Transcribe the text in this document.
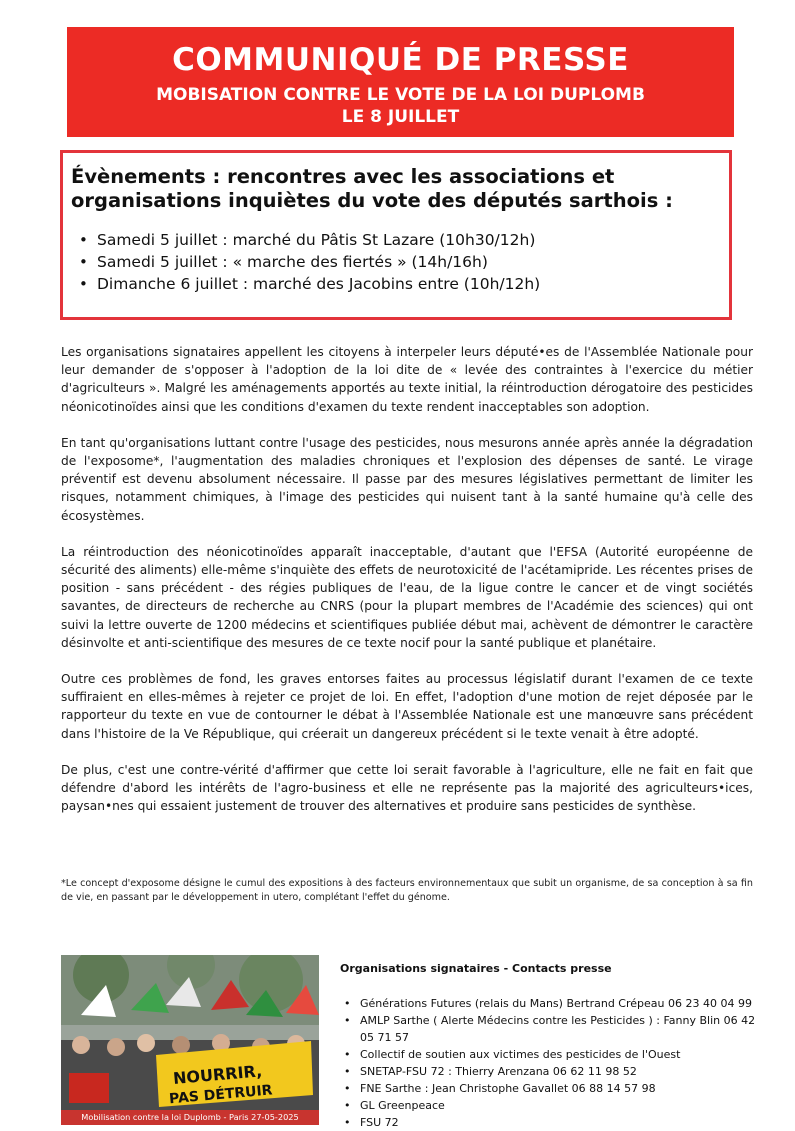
COMMUNIQUÉ DE PRESSE
MOBISATION CONTRE LE VOTE DE LA LOI DUPLOMB
LE 8 JUILLET
Évènements : rencontres avec les associations et
organisations inquiètes du vote des députés sarthois :
• Samedi 5 juillet : marché du Pâtis St Lazare (10h30/12h)
• Samedi 5 juillet : « marche des fiertés » (14h/16h)
• Dimanche 6 juillet : marché des Jacobins entre (10h/12h)

Les organisations signataires appellent les citoyens à interpeler leurs député•es de l'Assemblée Nationale pour leur demander de s'opposer à l'adoption de la loi dite de « levée des contraintes à l'exercice du métier d'agriculteurs ». Malgré les aménagements apportés au texte initial, la réintroduction dérogatoire des pesticides néonicotinoïdes ainsi que les conditions d'examen du texte rendent inacceptables son adoption.

En tant qu'organisations luttant contre l'usage des pesticides, nous mesurons année après année la dégradation de l'exposome*, l'augmentation des maladies chroniques et l'explosion des dépenses de santé. Le virage préventif est devenu absolument nécessaire. Il passe par des mesures législatives permettant de limiter les risques, notamment chimiques, à l'image des pesticides qui nuisent tant à la santé humaine qu'à celle des écosystèmes.

La réintroduction des néonicotinoïdes apparaît inacceptable, d'autant que l'EFSA (Autorité européenne de sécurité des aliments) elle-même s'inquiète des effets de neurotoxicité de l'acétamipride. Les récentes prises de position - sans précédent - des régies publiques de l'eau, de la ligue contre le cancer et de vingt sociétés savantes, de directeurs de recherche au CNRS (pour la plupart membres de l'Académie des sciences) qui ont suivi la lettre ouverte de 1200 médecins et scientifiques publiée début mai, achèvent de démontrer le caractère désinvolte et anti-scientifique des mesures de ce texte nocif pour la santé publique et planétaire.

Outre ces problèmes de fond, les graves entorses faites au processus législatif durant l'examen de ce texte suffiraient en elles-mêmes à rejeter ce projet de loi. En effet, l'adoption d'une motion de rejet déposée par le rapporteur du texte en vue de contourner le débat à l'Assemblée Nationale est une manœuvre sans précédent dans l'histoire de la Ve République, qui créerait un dangereux précédent si le texte venait à être adopté.

De plus, c'est une contre-vérité d'affirmer que cette loi serait favorable à l'agriculture, elle ne fait en fait que défendre d'abord les intérêts de l'agro-business et elle ne représente pas la majorité des agriculteurs•ices, paysan•nes qui essaient justement de trouver des alternatives et produire sans pesticides de synthèse.

*Le concept d'exposome désigne le cumul des expositions à des facteurs environnementaux que subit un organisme, de sa conception à sa fin de vie, en passant par le développement in utero, complétant l'effet du génome.
NOURRIR,
PAS DÉTRUIR
Mobilisation contre la loi Duplomb - Paris 27-05-2025
Organisations signataires - Contacts presse
• Générations Futures (relais du Mans) Bertrand Crépeau 06 23 40 04 99
• AMLP Sarthe ( Alerte Médecins contre les Pesticides ) : Fanny Blin 06 42 05 71 57
• Collectif de soutien aux victimes des pesticides de l'Ouest
• SNETAP-FSU 72 : Thierry Arenzana 06 62 11 98 52
• FNE Sarthe : Jean Christophe Gavallet 06 88 14 57 98
• GL Greenpeace
• FSU 72
